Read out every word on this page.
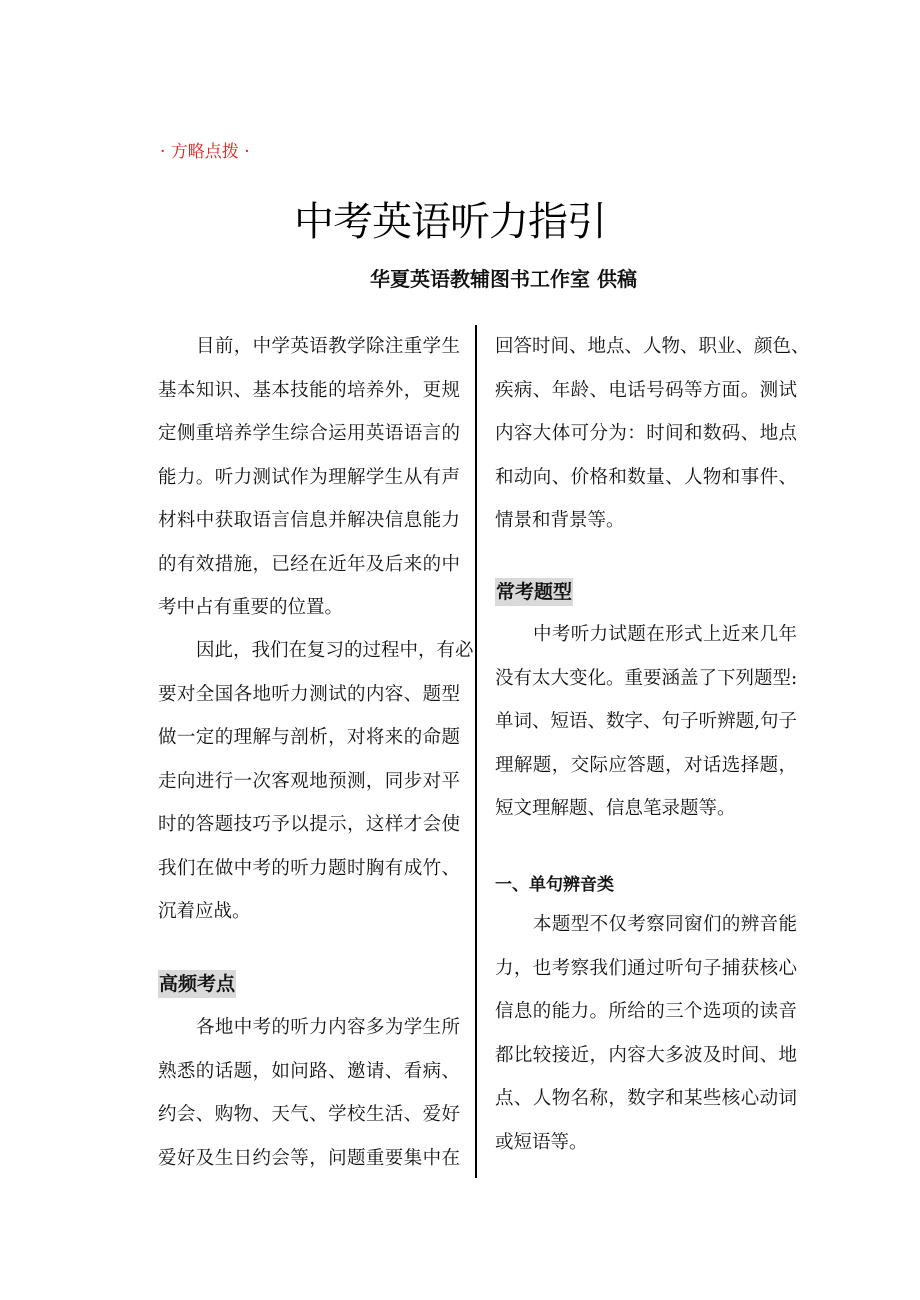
· 方略点拨 ·
中考英语听力指引
华夏英语教辅图书工作室 供稿
目前，中学英语教学除注重学生
基本知识、基本技能的培养外，更规
定侧重培养学生综合运用英语语言的
能力。听力测试作为理解学生从有声
材料中获取语言信息并解决信息能力
的有效措施，已经在近年及后来的中
考中占有重要的位置。
因此，我们在复习的过程中，有必
要对全国各地听力测试的内容、题型
做一定的理解与剖析，对将来的命题
走向进行一次客观地预测，同步对平
时的答题技巧予以提示，这样才会使
我们在做中考的听力题时胸有成竹、
沉着应战。
高频考点
各地中考的听力内容多为学生所
熟悉的话题，如问路、邀请、看病、
约会、购物、天气、学校生活、爱好
爱好及生日约会等，问题重要集中在
回答时间、地点、人物、职业、颜色、
疾病、年龄、电话号码等方面。测试
内容大体可分为：时间和数码、地点
和动向、价格和数量、人物和事件、
情景和背景等。
常考题型
中考听力试题在形式上近来几年
没有太大变化。重要涵盖了下列题型:
单词、短语、数字、句子听辨题,句子
理解题，交际应答题，对话选择题，
短文理解题、信息笔录题等。
一、单句辨音类
本题型不仅考察同窗们的辨音能
力，也考察我们通过听句子捕获核心
信息的能力。所给的三个选项的读音
都比较接近，内容大多波及时间、地
点、人物名称，数字和某些核心动词
或短语等。
